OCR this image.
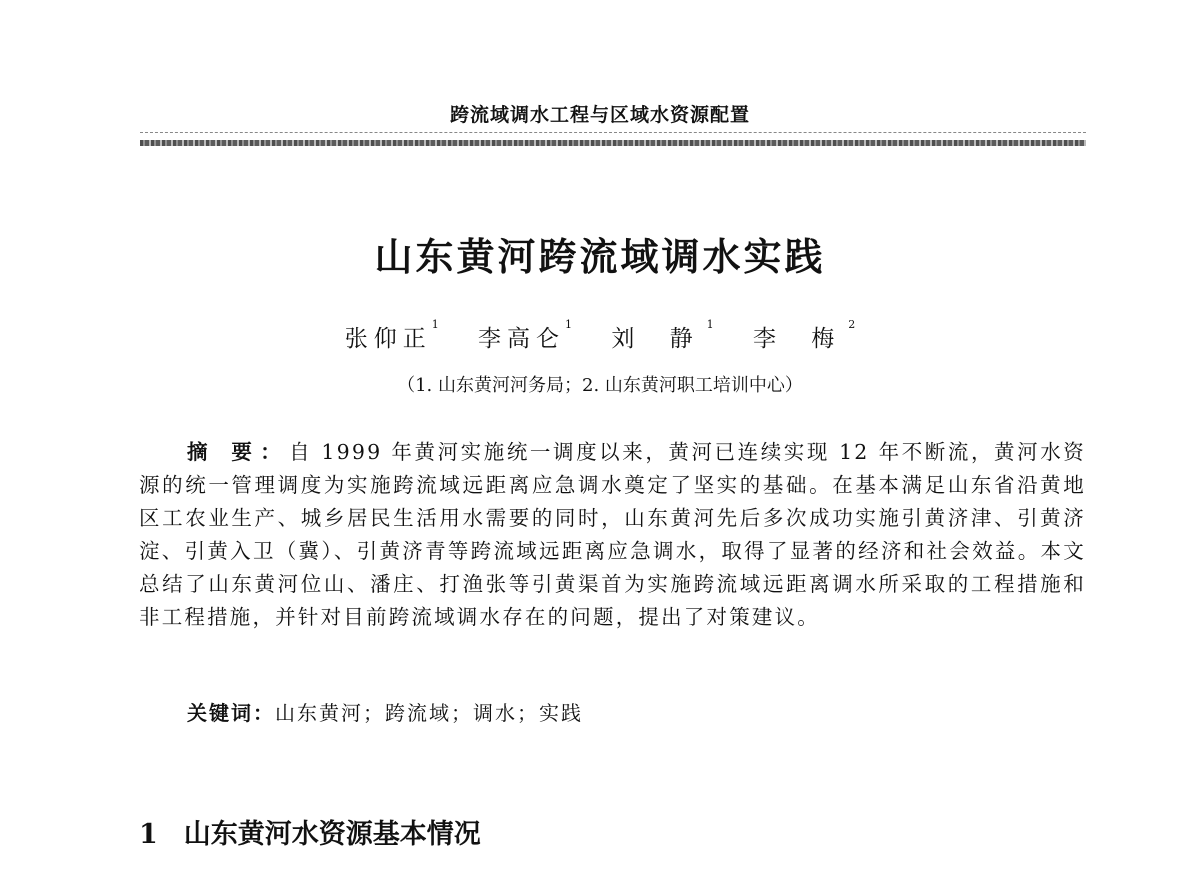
跨流域调水工程与区域水资源配置
山东黄河跨流域调水实践
张仰正$^1$ 李高仑$^1$ 刘 静$^1$ 李 梅$^2$
（1. 山东黄河河务局；2. 山东黄河职工培训中心）

摘 要：自 1999 年黄河实施统一调度以来，黄河已连续实现 12 年不断流，黄河水资源的统一管理调度为实施跨流域远距离应急调水奠定了坚实的基础。在基本满足山东省沿黄地区工农业生产、城乡居民生活用水需要的同时，山东黄河先后多次成功实施引黄济津、引黄济淀、引黄入卫（冀）、引黄济青等跨流域远距离应急调水，取得了显著的经济和社会效益。本文总结了山东黄河位山、潘庄、打渔张等引黄渠首为实施跨流域远距离调水所采取的工程措施和非工程措施，并针对目前跨流域调水存在的问题，提出了对策建议。

关键词：山东黄河；跨流域；调水；实践
1 山东黄河水资源基本情况
